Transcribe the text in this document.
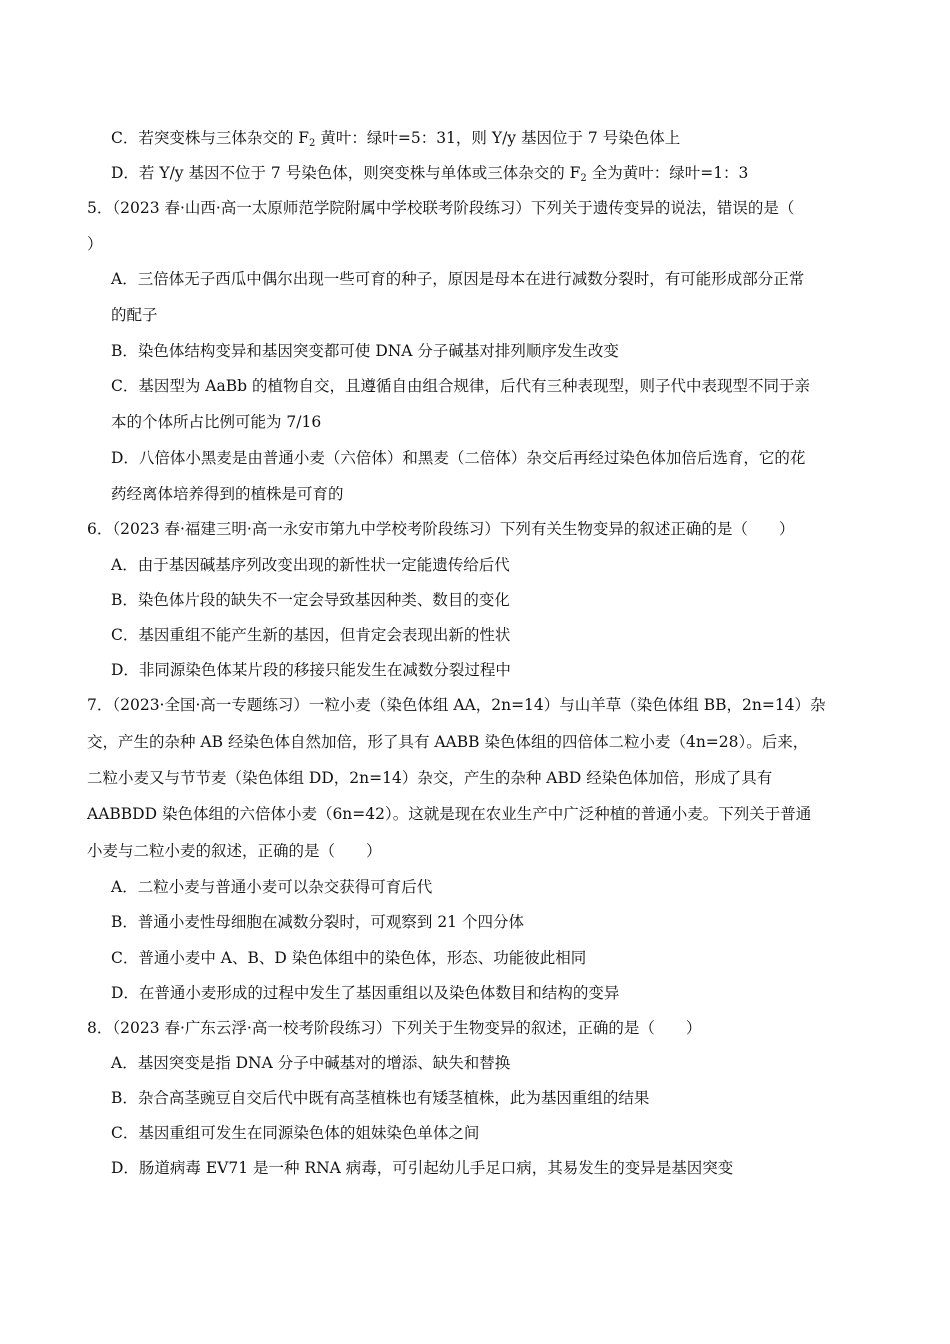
C．若突变株与三体杂交的 $F_2$ 黄叶：绿叶=5：31，则 Y/y 基因位于 7 号染色体上
D．若 Y/y 基因不位于 7 号染色体，则突变株与单体或三体杂交的 $F_2$ 全为黄叶：绿叶=1：3
5．（2023 春·山西·高一太原师范学院附属中学校联考阶段练习）下列关于遗传变异的说法，错误的是（
）
A．三倍体无子西瓜中偶尔出现一些可育的种子，原因是母本在进行减数分裂时，有可能形成部分正常
的配子
B．染色体结构变异和基因突变都可使 DNA 分子碱基对排列顺序发生改变
C．基因型为 AaBb 的植物自交，且遵循自由组合规律，后代有三种表现型，则子代中表现型不同于亲
本的个体所占比例可能为 7/16
D．八倍体小黑麦是由普通小麦（六倍体）和黑麦（二倍体）杂交后再经过染色体加倍后选育，它的花
药经离体培养得到的植株是可育的
6．（2023 春·福建三明·高一永安市第九中学校考阶段练习）下列有关生物变异的叙述正确的是（　　）
A．由于基因碱基序列改变出现的新性状一定能遗传给后代
B．染色体片段的缺失不一定会导致基因种类、数目的变化
C．基因重组不能产生新的基因，但肯定会表现出新的性状
D．非同源染色体某片段的移接只能发生在减数分裂过程中
7．（2023·全国·高一专题练习）一粒小麦（染色体组 AA，2n=14）与山羊草（染色体组 BB，2n=14）杂
交，产生的杂种 AB 经染色体自然加倍，形了具有 AABB 染色体组的四倍体二粒小麦（4n=28）。后来，
二粒小麦又与节节麦（染色体组 DD，2n=14）杂交，产生的杂种 ABD 经染色体加倍，形成了具有
AABBDD 染色体组的六倍体小麦（6n=42）。这就是现在农业生产中广泛种植的普通小麦。下列关于普通
小麦与二粒小麦的叙述，正确的是（　　）
A．二粒小麦与普通小麦可以杂交获得可育后代
B．普通小麦性母细胞在减数分裂时，可观察到 21 个四分体
C．普通小麦中 A、B、D 染色体组中的染色体，形态、功能彼此相同
D．在普通小麦形成的过程中发生了基因重组以及染色体数目和结构的变异
8．（2023 春·广东云浮·高一校考阶段练习）下列关于生物变异的叙述，正确的是（　　）
A．基因突变是指 DNA 分子中碱基对的增添、缺失和替换
B．杂合高茎豌豆自交后代中既有高茎植株也有矮茎植株，此为基因重组的结果
C．基因重组可发生在同源染色体的姐妹染色单体之间
D．肠道病毒 EV71 是一种 RNA 病毒，可引起幼儿手足口病，其易发生的变异是基因突变
